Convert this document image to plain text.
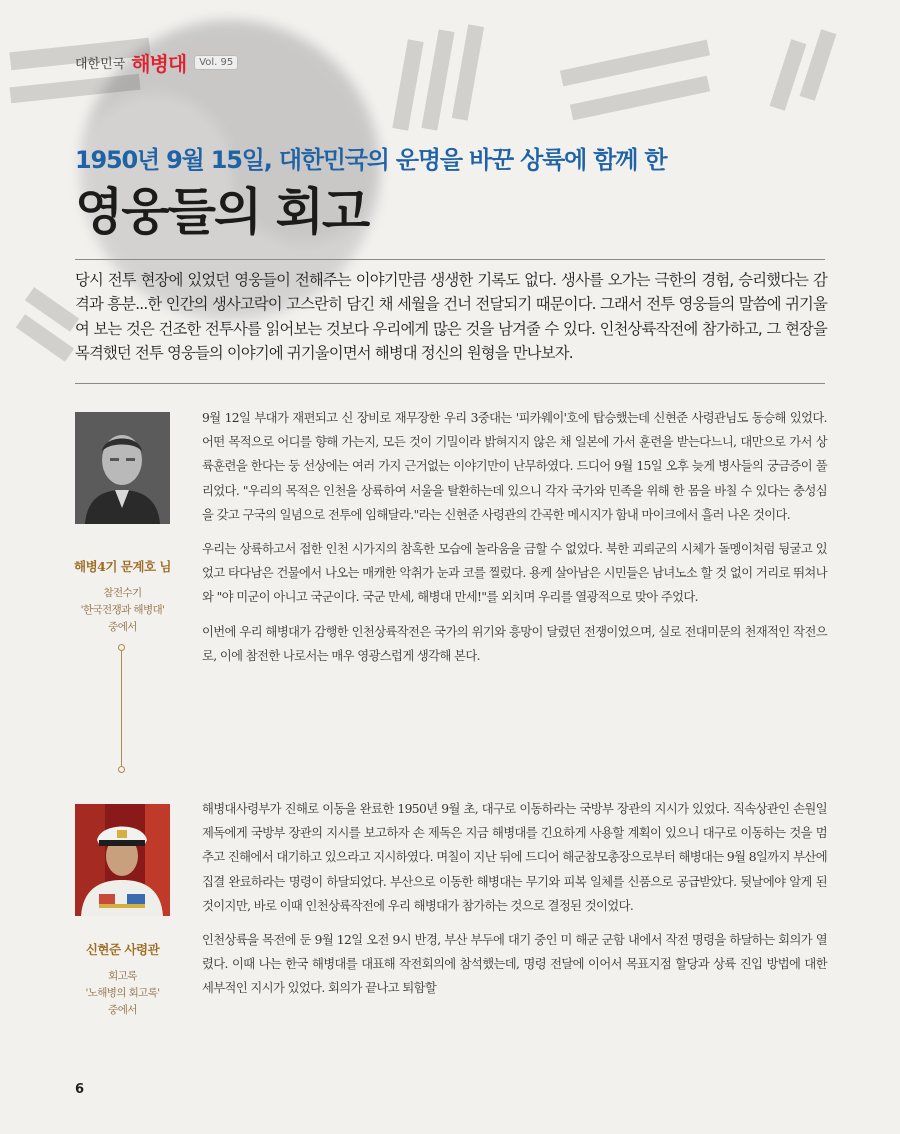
대한민국 해병대	Vol. 95
1950년 9월 15일, 대한민국의 운명을 바꾼 상륙에 함께 한
영웅들의 회고
당시 전투 현장에 있었던 영웅들이 전해주는 이야기만큼 생생한 기록도 없다. 생사를 오가는 극한의 경험, 승리했다는 감격과 흥분...한 인간의 생사고락이 고스란히 담긴 채 세월을 건너 전달되기 때문이다. 그래서 전투 영웅들의 말씀에 귀기울여 보는 것은 건조한 전투사를 읽어보는 것보다 우리에게 많은 것을 남겨줄 수 있다. 인천상륙작전에 참가하고, 그 현장을 목격했던 전투 영웅들의 이야기에 귀기울이면서 해병대 정신의 원형을 만나보자.
해병4기 문계호 님
참전수기
'한국전쟁과 해병대'
중에서

9월 12일 부대가 재편되고 신 장비로 재무장한 우리 3중대는 '피카웨이'호에 탑승했는데 신현준 사령관님도 동승해 있었다. 어떤 목적으로 어디를 향해 가는지, 모든 것이 기밀이라 밝혀지지 않은 채 일본에 가서 훈련을 받는다느니, 대만으로 가서 상륙훈련을 한다는 둥 선상에는 여러 가지 근거없는 이야기만이 난무하였다. 드디어 9월 15일 오후 늦게 병사들의 궁금증이 풀리었다. "우리의 목적은 인천을 상륙하여 서울을 탈환하는데 있으니 각자 국가와 민족을 위해 한 몸을 바칠 수 있다는 충성심을 갖고 구국의 일념으로 전투에 임해달라."라는 신현준 사령관의 간곡한 메시지가 함내 마이크에서 흘러 나온 것이다.

우리는 상륙하고서 접한 인천 시가지의 참혹한 모습에 놀라움을 금할 수 없었다. 북한 괴뢰군의 시체가 돌멩이처럼 뒹굴고 있었고 타다남은 건물에서 나오는 매캐한 악취가 눈과 코를 찔렀다. 용케 살아남은 시민들은 남녀노소 할 것 없이 거리로 뛰쳐나와 "야 미군이 아니고 국군이다. 국군 만세, 해병대 만세!"를 외치며 우리를 열광적으로 맞아 주었다.

이번에 우리 해병대가 감행한 인천상륙작전은 국가의 위기와 흥망이 달렸던 전쟁이었으며, 실로 전대미문의 천재적인 작전으로, 이에 참전한 나로서는 매우 영광스럽게 생각해 본다.

신현준 사령관
회고록
'노해병의 회고록'
중에서

해병대사령부가 진해로 이동을 완료한 1950년 9월 초, 대구로 이동하라는 국방부 장관의 지시가 있었다. 직속상관인 손원일 제독에게 국방부 장관의 지시를 보고하자 손 제독은 지금 해병대를 긴요하게 사용할 계획이 있으니 대구로 이동하는 것을 멈추고 진해에서 대기하고 있으라고 지시하였다. 며칠이 지난 뒤에 드디어 해군참모총장으로부터 해병대는 9월 8일까지 부산에 집결 완료하라는 명령이 하달되었다. 부산으로 이동한 해병대는 무기와 피복 일체를 신품으로 공급받았다. 뒷날에야 알게 된 것이지만, 바로 이때 인천상륙작전에 우리 해병대가 참가하는 것으로 결정된 것이었다.

인천상륙을 목전에 둔 9월 12일 오전 9시 반경, 부산 부두에 대기 중인 미 해군 군함 내에서 작전 명령을 하달하는 회의가 열렸다. 이때 나는 한국 해병대를 대표해 작전회의에 참석했는데, 명령 전달에 이어서 목표지점 할당과 상륙 진입 방법에 대한 세부적인 지시가 있었다. 회의가 끝나고 퇴함할

6
